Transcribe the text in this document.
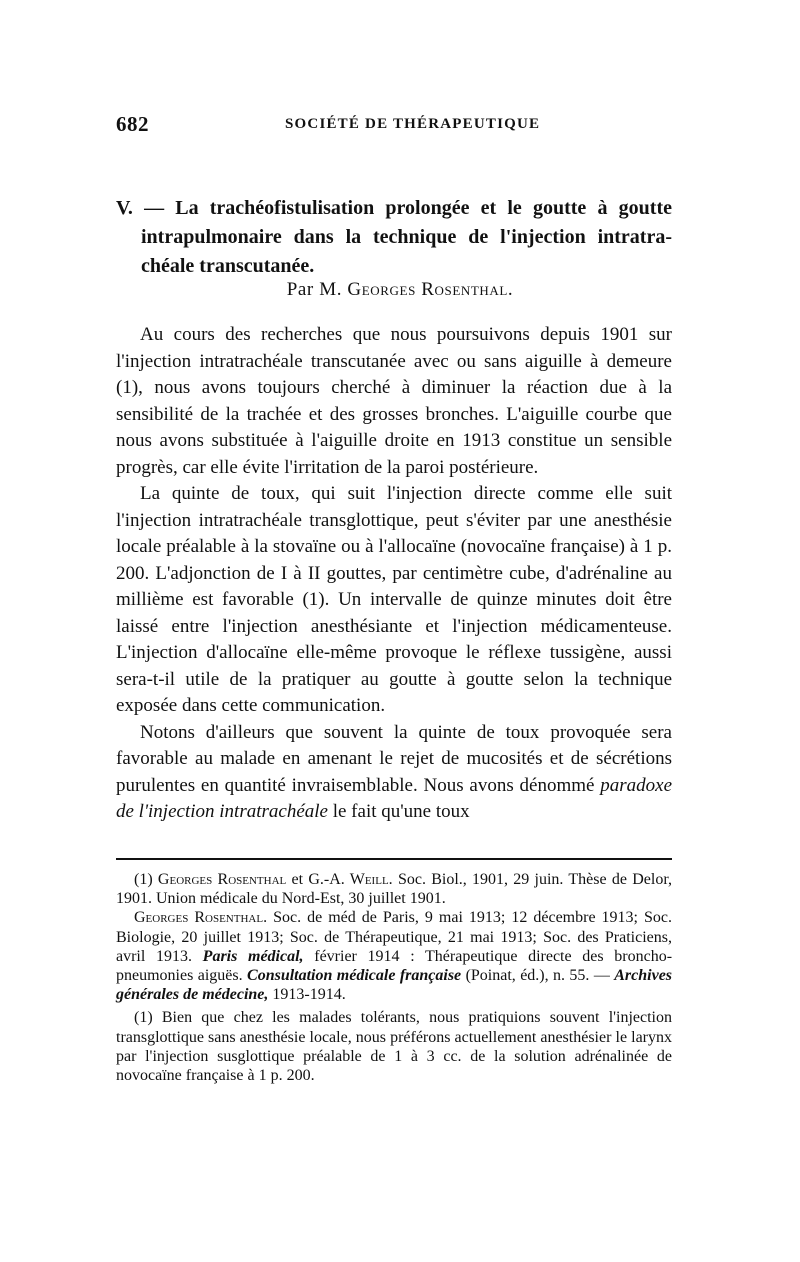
682	SOCIÉTÉ DE THÉRAPEUTIQUE
V. — La trachéofistulisation prolongée et le goutte à goutte intrapulmonaire dans la technique de l'injection intratra-chéale transcutanée.
Par M. Georges Rosenthal.

Au cours des recherches que nous poursuivons depuis 1901 sur l'injection intratrachéale transcutanée avec ou sans aiguille à demeure (1), nous avons toujours cherché à diminuer la réaction due à la sensibilité de la trachée et des grosses bronches. L'aiguille courbe que nous avons substituée à l'aiguille droite en 1913 constitue un sensible progrès, car elle évite l'irritation de la paroi postérieure.

La quinte de toux, qui suit l'injection directe comme elle suit l'injection intratrachéale transglottique, peut s'éviter par une anesthésie locale préalable à la stovaïne ou à l'allocaïne (novocaïne française) à 1 p. 200. L'adjonction de I à II gouttes, par centimètre cube, d'adrénaline au millième est favorable (1). Un intervalle de quinze minutes doit être laissé entre l'injection anesthésiante et l'injection médicamenteuse. L'injection d'allocaïne elle-même provoque le réflexe tussigène, aussi sera-t-il utile de la pratiquer au goutte à goutte selon la technique exposée dans cette communication.

Notons d'ailleurs que souvent la quinte de toux provoquée sera favorable au malade en amenant le rejet de mucosités et de sécrétions purulentes en quantité invraisemblable. Nous avons dénommé paradoxe de l'injection intratrachéale le fait qu'une toux

(1) Georges Rosenthal et G.-A. Weill. Soc. Biol., 1901, 29 juin. Thèse de Delor, 1901. Union médicale du Nord-Est, 30 juillet 1901.

Georges Rosenthal. Soc. de méd de Paris, 9 mai 1913; 12 décembre 1913; Soc. Biologie, 20 juillet 1913; Soc. de Thérapeutique, 21 mai 1913; Soc. des Praticiens, avril 1913. Paris médical, février 1914 : Thérapeutique directe des broncho-pneumonies aiguës. Consultation médicale française (Poinat, éd.), n. 55. — Archives générales de médecine, 1913-1914.

(1) Bien que chez les malades tolérants, nous pratiquions souvent l'injection transglottique sans anesthésie locale, nous préférons actuellement anesthésier le larynx par l'injection susglottique préalable de 1 à 3 cc. de la solution adrénalinée de novocaïne française à 1 p. 200.
